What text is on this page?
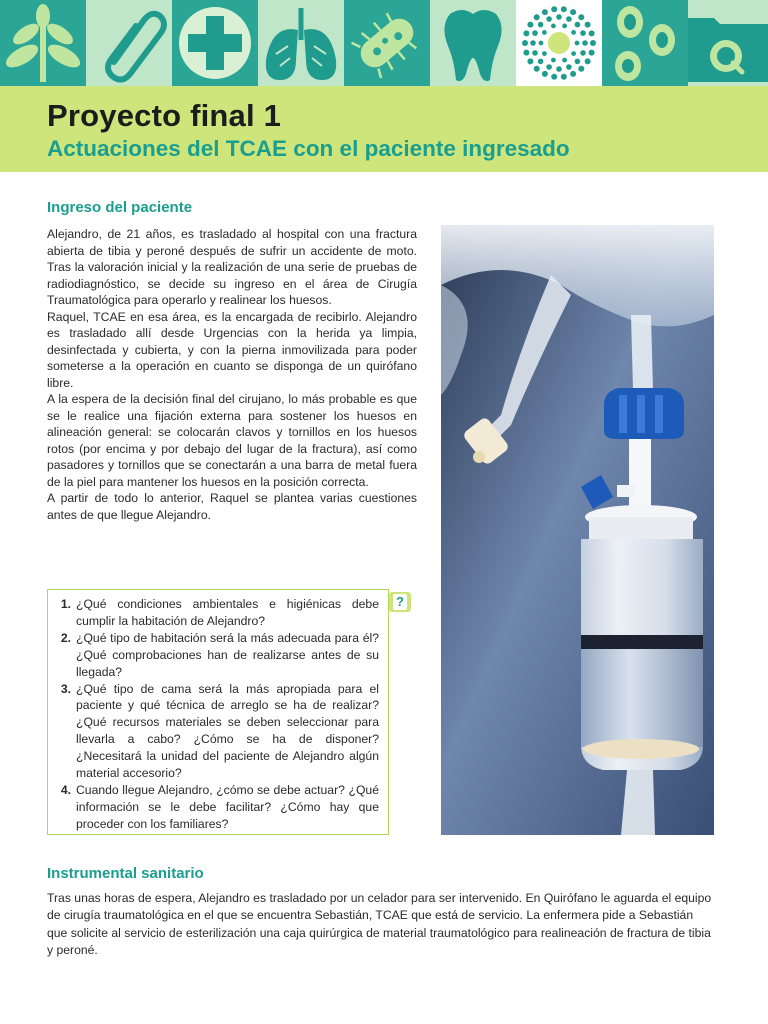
Proyecto final 1
Actuaciones del TCAE con el paciente ingresado
Ingreso del paciente

Alejandro, de 21 años, es trasladado al hospital con una fractura abierta de tibia y peroné después de sufrir un accidente de moto. Tras la valoración inicial y la realización de una serie de pruebas de radiodiagnóstico, se decide su ingreso en el área de Cirugía Traumatológica para operarlo y realinear los huesos.

Raquel, TCAE en esa área, es la encargada de recibirlo. Alejandro es trasladado allí desde Urgencias con la herida ya limpia, desinfectada y cubierta, y con la pierna inmovilizada para poder someterse a la operación en cuanto se disponga de un quirófano libre.

A la espera de la decisión final del cirujano, lo más probable es que se le realice una fijación externa para sostener los huesos en alineación general: se colocarán clavos y tornillos en los huesos rotos (por encima y por debajo del lugar de la fractura), así como pasadores y tornillos que se conectarán a una barra de metal fuera de la piel para mantener los huesos en la posición correcta.

A partir de todo lo anterior, Raquel se plantea varias cuestiones antes de que llegue Alejandro.

1. ¿Qué condiciones ambientales e higiénicas debe cumplir la habitación de Alejandro?
2. ¿Qué tipo de habitación será la más adecuada para él? ¿Qué comprobaciones han de realizarse antes de su llegada?
3. ¿Qué tipo de cama será la más apropiada para el paciente y qué técnica de arreglo se ha de realizar? ¿Qué recursos materiales se deben seleccionar para llevarla a cabo? ¿Cómo se ha de disponer? ¿Necesitará la unidad del paciente de Alejandro algún material accesorio?
4. Cuando llegue Alejandro, ¿cómo se debe actuar? ¿Qué información se le debe facilitar? ¿Cómo hay que proceder con los familiares?
?
Instrumental sanitario

Tras unas horas de espera, Alejandro es trasladado por un celador para ser intervenido. En Quirófano le aguarda el equipo de cirugía traumatológica en el que se encuentra Sebastián, TCAE que está de servicio. La enfermera pide a Sebastián que solicite al servicio de esterilización una caja quirúrgica de material traumatológico para realineación de fractura de tibia y peroné.
